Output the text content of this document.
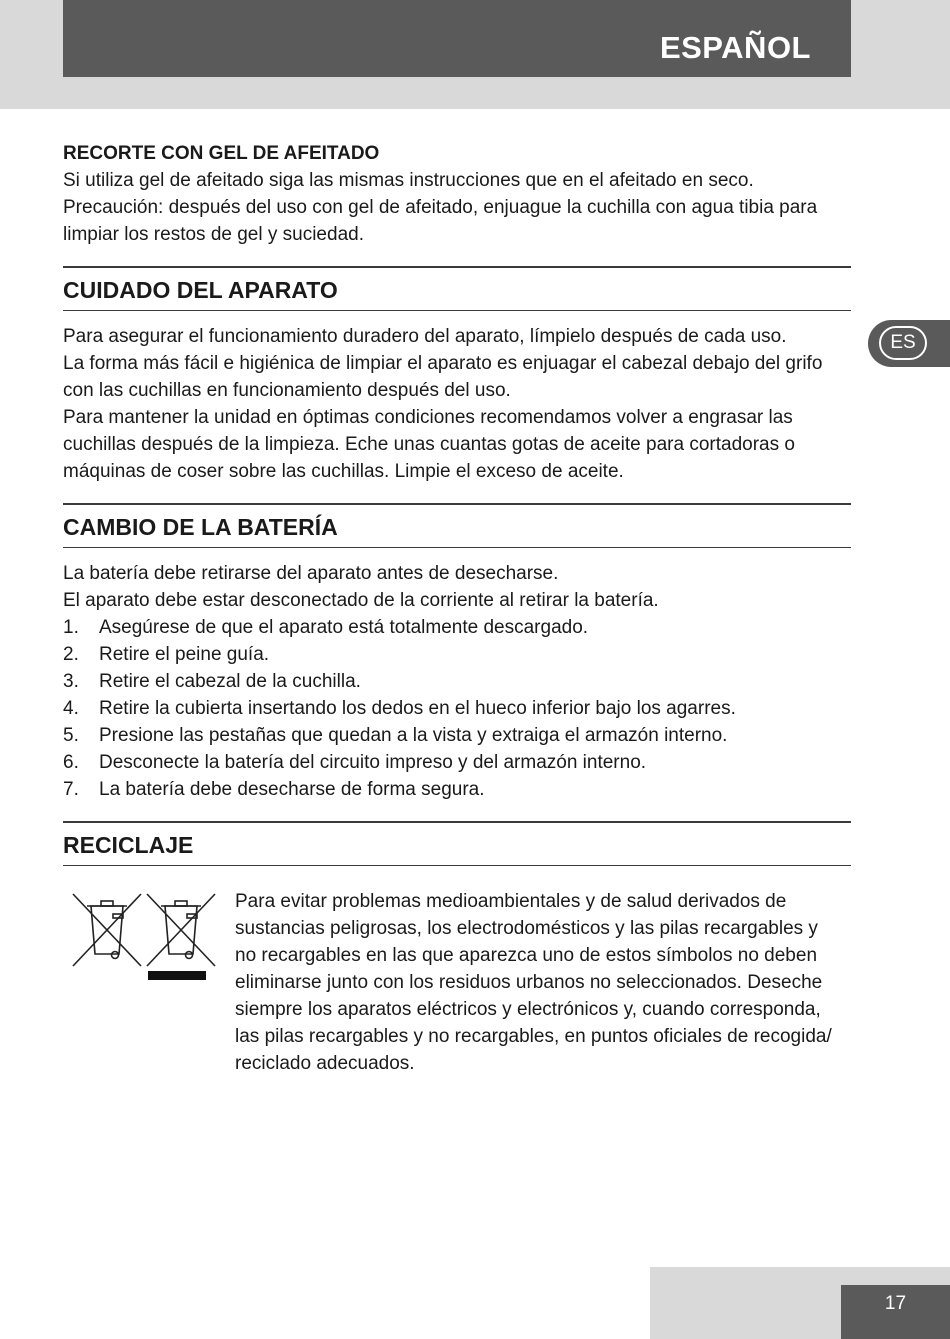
ESPAÑOL
ES
RECORTE CON GEL DE AFEITADO

Si utiliza gel de afeitado siga las mismas instrucciones que en el afeitado en seco.

Precaución: después del uso con gel de afeitado, enjuague la cuchilla con agua tibia para

limpiar los restos de gel y suciedad.

CUIDADO DEL APARATO

Para asegurar el funcionamiento duradero del aparato, límpielo después de cada uso.

La forma más fácil e higiénica de limpiar el aparato es enjuagar el cabezal debajo del grifo

con las cuchillas en funcionamiento después del uso.

Para mantener la unidad en óptimas condiciones recomendamos volver a engrasar las

cuchillas después de la limpieza. Eche unas cuantas gotas de aceite para cortadoras o

máquinas de coser sobre las cuchillas. Limpie el exceso de aceite.

CAMBIO DE LA BATERÍA

La batería debe retirarse del aparato antes de desecharse.

El aparato debe estar desconectado de la corriente al retirar la batería.

1.	Asegúrese de que el aparato está totalmente descargado.
2.	Retire el peine guía.
3.	Retire el cabezal de la cuchilla.
4.	Retire la cubierta insertando los dedos en el hueco inferior bajo los agarres.
5.	Presione las pestañas que quedan a la vista y extraiga el armazón interno.
6.	Desconecte la batería del circuito impreso y del armazón interno.
7.	La batería debe desecharse de forma segura.
RECICLAJE

Para evitar problemas medioambientales y de salud derivados de

sustancias peligrosas, los electrodomésticos y las pilas recargables y

no recargables en las que aparezca uno de estos símbolos no deben

eliminarse junto con los residuos urbanos no seleccionados. Deseche

siempre los aparatos eléctricos y electrónicos y, cuando corresponda,

las pilas recargables y no recargables, en puntos oficiales de recogida/

reciclado adecuados.

17
